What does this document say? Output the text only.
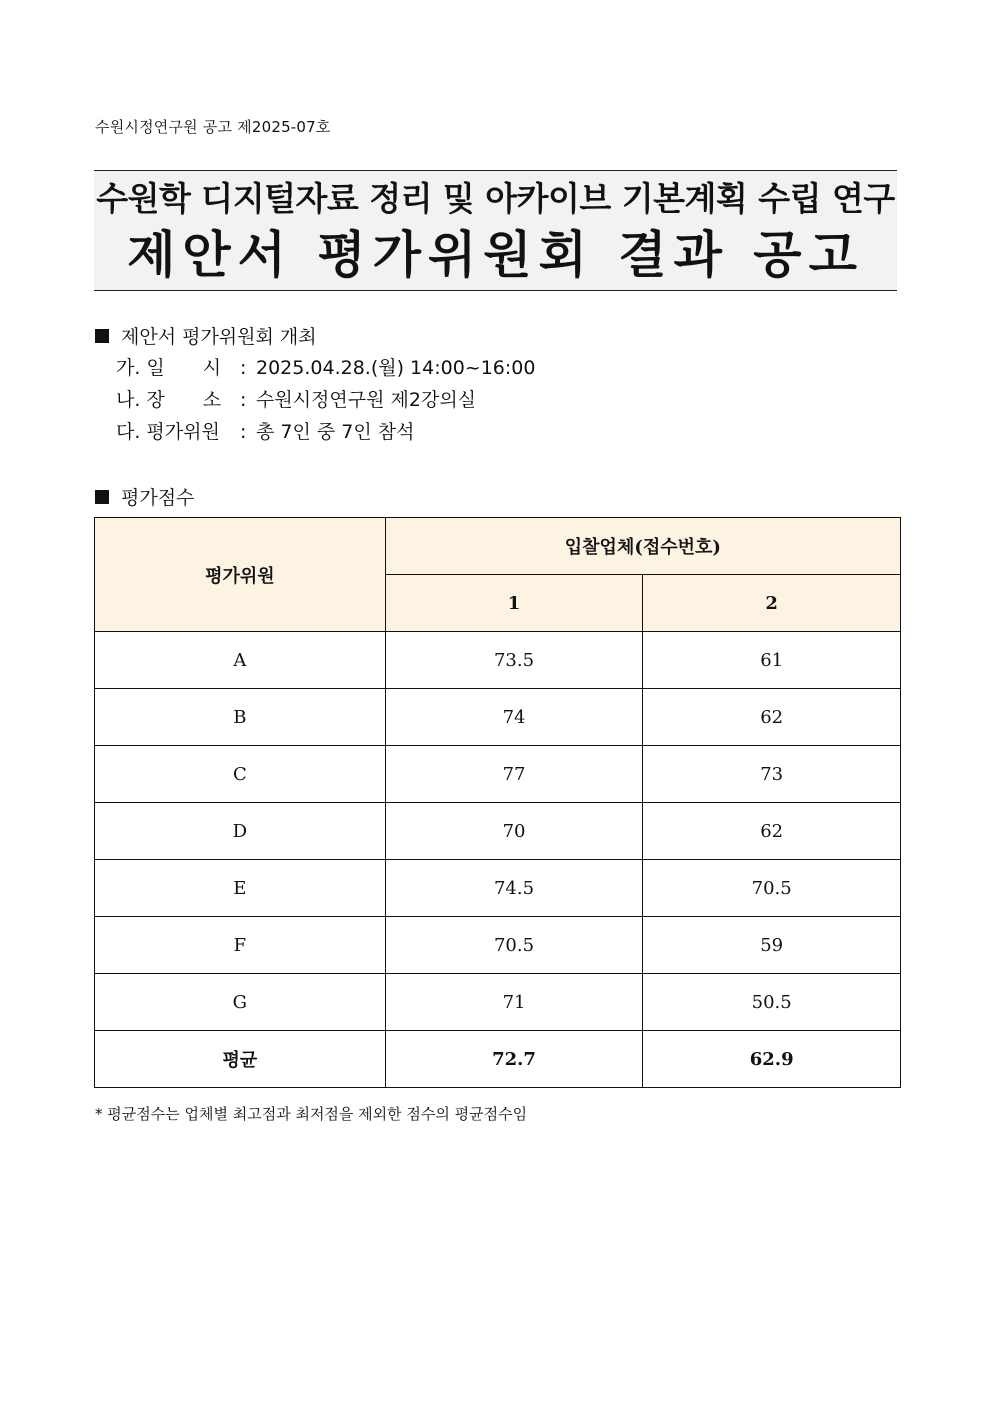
수원시정연구원 공고 제2025-07호
수원학 디지털자료 정리 및 아카이브 기본계획 수립 연구
제안서 평가위원회 결과 공고
제안서 평가위원회 개최
가. 일　　시 : 2025.04.28.(월) 14:00~16:00
나. 장　　소 : 수원시정연구원 제2강의실
다. 평가위원 : 총 7인 중 7인 참석
평가점수
평가위원	입찰업체(접수번호)	
	1	2
A	73.5	61
B	74	62
C	77	73
D	70	62
E	74.5	70.5
F	70.5	59
G	71	50.5
평균	72.7	62.9
* 평균점수는 업체별 최고점과 최저점을 제외한 점수의 평균점수임
